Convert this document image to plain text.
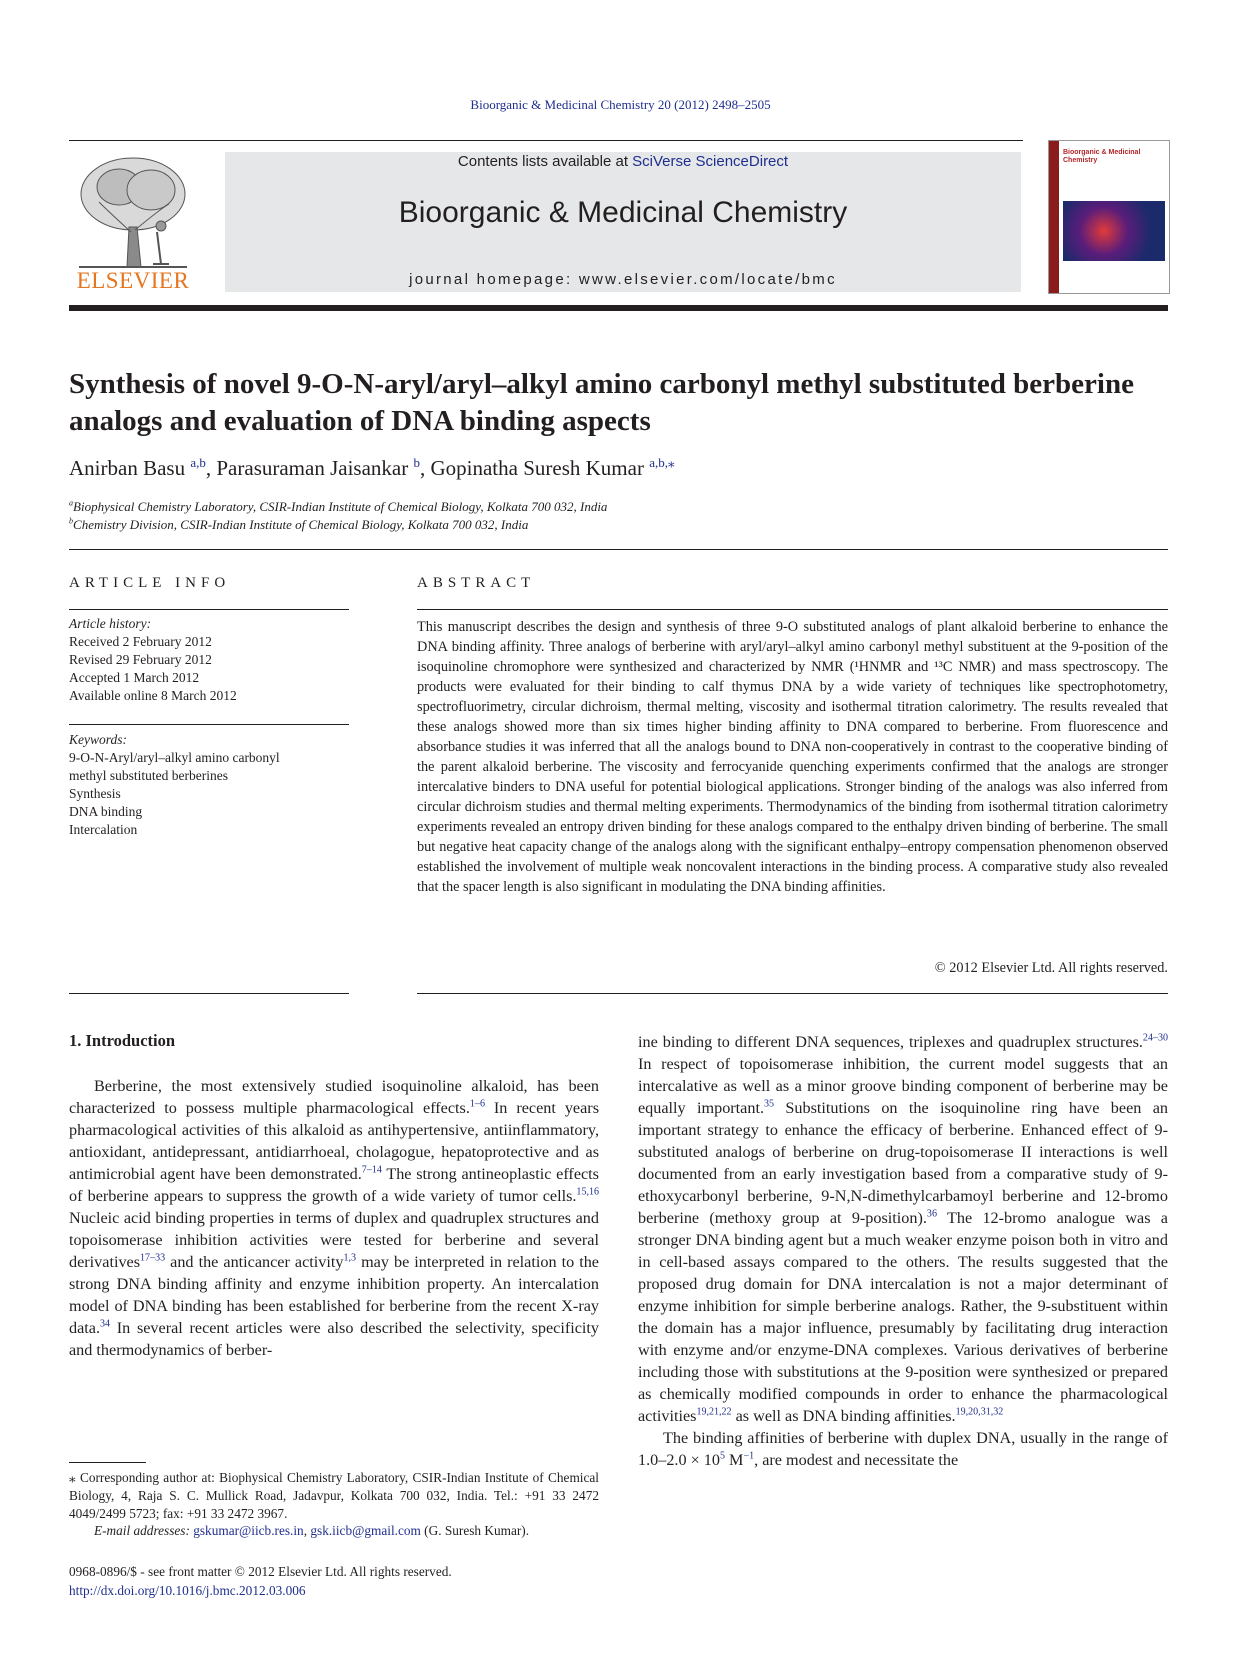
Bioorganic & Medicinal Chemistry 20 (2012) 2498–2505
ELSEVIER
Contents lists available at SciVerse ScienceDirect
Bioorganic & Medicinal Chemistry
journal homepage: www.elsevier.com/locate/bmc
Bioorganic & Medicinal Chemistry
Synthesis of novel 9-O-N-aryl/aryl–alkyl amino carbonyl methyl substituted berberine analogs and evaluation of DNA binding aspects
Anirban Basu $^{a,b}$, Parasuraman Jaisankar $^b$, Gopinatha Suresh Kumar $^{a,b,⁎}$
$^a$Biophysical Chemistry Laboratory, CSIR-Indian Institute of Chemical Biology, Kolkata 700 032, India
$^b$Chemistry Division, CSIR-Indian Institute of Chemical Biology, Kolkata 700 032, India
ARTICLE INFO
Article history:
Received 2 February 2012
Revised 29 February 2012
Accepted 1 March 2012
Available online 8 March 2012
Keywords:
9-O-N-Aryl/aryl–alkyl amino carbonyl
methyl substituted berberines
Synthesis
DNA binding
Intercalation
ABSTRACT
This manuscript describes the design and synthesis of three 9-O substituted analogs of plant alkaloid berberine to enhance the DNA binding affinity. Three analogs of berberine with aryl/aryl–alkyl amino carbonyl methyl substituent at the 9-position of the isoquinoline chromophore were synthesized and characterized by NMR (¹HNMR and ¹³C NMR) and mass spectroscopy. The products were evaluated for their binding to calf thymus DNA by a wide variety of techniques like spectrophotometry, spectrofluorimetry, circular dichroism, thermal melting, viscosity and isothermal titration calorimetry. The results revealed that these analogs showed more than six times higher binding affinity to DNA compared to berberine. From fluorescence and absorbance studies it was inferred that all the analogs bound to DNA non-cooperatively in contrast to the cooperative binding of the parent alkaloid berberine. The viscosity and ferrocyanide quenching experiments confirmed that the analogs are stronger intercalative binders to DNA useful for potential biological applications. Stronger binding of the analogs was also inferred from circular dichroism studies and thermal melting experiments. Thermodynamics of the binding from isothermal titration calorimetry experiments revealed an entropy driven binding for these analogs compared to the enthalpy driven binding of berberine. The small but negative heat capacity change of the analogs along with the significant enthalpy–entropy compensation phenomenon observed established the involvement of multiple weak noncovalent interactions in the binding process. A comparative study also revealed that the spacer length is also significant in modulating the DNA binding affinities.
© 2012 Elsevier Ltd. All rights reserved.
1. Introduction
Berberine, the most extensively studied isoquinoline alkaloid, has been characterized to possess multiple pharmacological effects.$^{1-6}$ In recent years pharmacological activities of this alkaloid as antihypertensive, antiinflammatory, antioxidant, antidepressant, antidiarrhoeal, cholagogue, hepatoprotective and as antimicrobial agent have been demonstrated.$^{7-14}$ The strong antineoplastic effects of berberine appears to suppress the growth of a wide variety of tumor cells.$^{15,16}$ Nucleic acid binding properties in terms of duplex and quadruplex structures and topoisomerase inhibition activities were tested for berberine and several derivatives$^{17-33}$ and the anticancer activity$^{1,3}$ may be interpreted in relation to the strong DNA binding affinity and enzyme inhibition property. An intercalation model of DNA binding has been established for berberine from the recent X-ray data.$^{34}$ In several recent articles were also described the selectivity, specificity and thermodynamics of berber-

ine binding to different DNA sequences, triplexes and quadruplex structures.$^{24-30}$ In respect of topoisomerase inhibition, the current model suggests that an intercalative as well as a minor groove binding component of berberine may be equally important.$^{35}$ Substitutions on the isoquinoline ring have been an important strategy to enhance the efficacy of berberine. Enhanced effect of 9-substituted analogs of berberine on drug-topoisomerase II interactions is well documented from an early investigation based from a comparative study of 9-ethoxycarbonyl berberine, 9-N,N-dimethylcarbamoyl berberine and 12-bromo berberine (methoxy group at 9-position).$^{36}$ The 12-bromo analogue was a stronger DNA binding agent but a much weaker enzyme poison both in vitro and in cell-based assays compared to the others. The results suggested that the proposed drug domain for DNA intercalation is not a major determinant of enzyme inhibition for simple berberine analogs. Rather, the 9-substituent within the domain has a major influence, presumably by facilitating drug interaction with enzyme and/or enzyme-DNA complexes. Various derivatives of berberine including those with substitutions at the 9-position were synthesized or prepared as chemically modified compounds in order to enhance the pharmacological activities$^{19,21,22}$ as well as DNA binding affinities.$^{19,20,31,32}$

The binding affinities of berberine with duplex DNA, usually in the range of $1.0-2.0 \times 10^5$ $M^{-1}$, are modest and necessitate the

⁎ Corresponding author at: Biophysical Chemistry Laboratory, CSIR-Indian Institute of Chemical Biology, 4, Raja S. C. Mullick Road, Jadavpur, Kolkata 700 032, India. Tel.: +91 33 2472 4049/2499 5723; fax: +91 33 2472 3967.
E-mail addresses: gskumar@iicb.res.in, gsk.iicb@gmail.com (G. Suresh Kumar).
0968-0896/$ - see front matter © 2012 Elsevier Ltd. All rights reserved.
http://dx.doi.org/10.1016/j.bmc.2012.03.006
